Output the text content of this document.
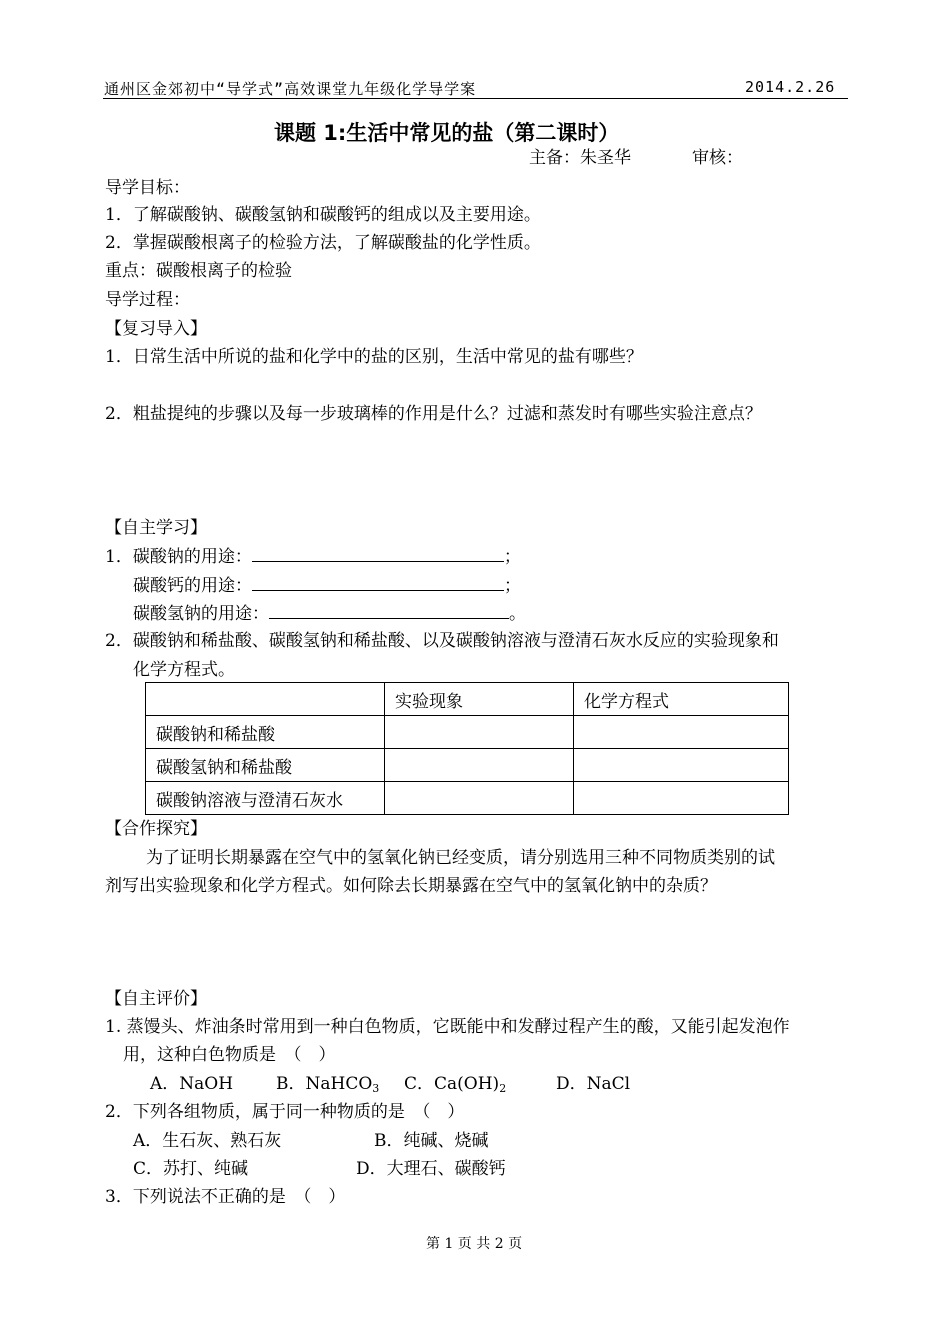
通州区金郊初中“导学式”高效课堂九年级化学导学案	2014.2.26
课题 1:生活中常见的盐（第二课时）
主备：朱圣华	审核：
导学目标：
1．了解碳酸钠、碳酸氢钠和碳酸钙的组成以及主要用途。
2．掌握碳酸根离子的检验方法，了解碳酸盐的化学性质。
重点：碳酸根离子的检验
导学过程：
【复习导入】
1．日常生活中所说的盐和化学中的盐的区别，生活中常见的盐有哪些？
2．粗盐提纯的步骤以及每一步玻璃棒的作用是什么？过滤和蒸发时有哪些实验注意点？
【自主学习】
1．碳酸钠的用途：	；
碳酸钙的用途：	；
碳酸氢钠的用途：	。
2．碳酸钠和稀盐酸、碳酸氢钠和稀盐酸、以及碳酸钠溶液与澄清石灰水反应的实验现象和
化学方程式。
	实验现象	化学方程式
碳酸钠和稀盐酸		
碳酸氢钠和稀盐酸		
碳酸钠溶液与澄清石灰水		
【合作探究】
为了证明长期暴露在空气中的氢氧化钠已经变质，请分别选用三种不同物质类别的试
剂写出实验现象和化学方程式。如何除去长期暴露在空气中的氢氧化钠中的杂质？
【自主评价】
1. 蒸馒头、炸油条时常用到一种白色物质，它既能中和发酵过程产生的酸，又能引起发泡作
用，这种白色物质是　（　）
A．NaOH	B．NaHCO$_3$ C．$Ca(OH)_2$	D．NaCl
2．下列各组物质，属于同一种物质的是　（　）
A．生石灰、熟石灰	B．纯碱、烧碱
C．苏打、纯碱	D．大理石、碳酸钙
3．下列说法不正确的是　（　）
第 1 页 共 2 页
